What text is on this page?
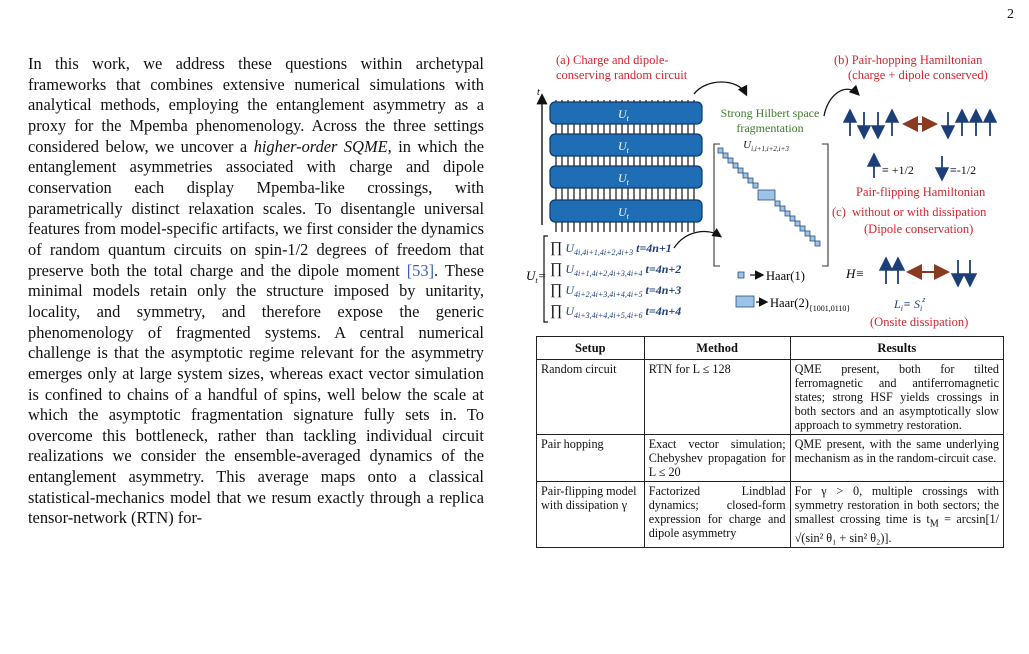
2
In this work, we address these questions within archetypal frameworks that combines extensive numerical simulations with analytical methods, employing the entanglement asymmetry as a proxy for the Mpemba phenomenology. Across the three settings considered below, we uncover a higher-order SQME, in which the entanglement asymmetries associated with charge and dipole conservation each display Mpemba-like crossings, with parametrically distinct relaxation scales. To disentangle universal features from model-specific artifacts, we first consider the dynamics of random quantum circuits on spin-1/2 degrees of freedom that preserve both the total charge and the dipole moment [53]. These minimal models retain only the structure imposed by unitarity, locality, and symmetry, and therefore expose the generic phenomenology of fragmented systems. A central numerical challenge is that the asymptotic regime relevant for the asymmetry emerges only at large system sizes, whereas exact vector simulation is confined to chains of a handful of spins, well below the scale at which the asymptotic fragmentation signature fully sets in. To overcome this bottleneck, rather than tackling individual circuit realizations we consider the ensemble-averaged dynamics of the entanglement asymmetry. This average maps onto a classical statistical-mechanics model that we resum exactly through a replica tensor-network (RTN) for-
(a) Charge and dipole-
conserving random circuit
t
$U_t$
$U_t$
$U_t$
$U_t$
Strong Hilbert space
fragmentation
$U_{i,i+1,i+2,i+3}$
(b) Pair-hopping Hamiltonian
(charge + dipole conserved)
≡ +1/2	≡-1/2
Pair-flipping Hamiltonian
(c) without or with dissipation
(Dipole conservation)
$U_t=$
∏ $U_{4i,4i+1,4i+2,4i+3}$ t=4n+1
∏ $U_{4i+1,4i+2,4i+3,4i+4}$ t=4n+2
∏ $U_{4i+2,4i+3,4i+4,4i+5}$ t=4n+3
∏ $U_{4i+3,4i+4,4i+5,4i+6}$ t=4n+4
Haar(1)
$Haar(2)_{\{1001,0110\}}$
H≡
$L_i\equiv S_i^z$
(Onsite dissipation)
Setup	Method	Results
Random circuit	RTN for L ≤ 128	QME present, both for tilted ferromagnetic and antiferromagnetic states; strong HSF yields crossings in both sectors and an asymptotically slow approach to symmetry restoration.
Pair hopping	Exact vector simulation; Chebyshev propagation for L ≤ 20	QME present, with the same underlying mechanism as in the random-circuit case.
Pair-flipping model with dissipation γ	Factorized Lindblad dynamics; closed-form expression for charge and dipole asymmetry	For γ > 0, multiple crossings with symmetry restoration in both sectors; the smallest crossing time is $t_M = \arcsin[1/√(\sin^2$ θ₁ + sin² θ₂)].
